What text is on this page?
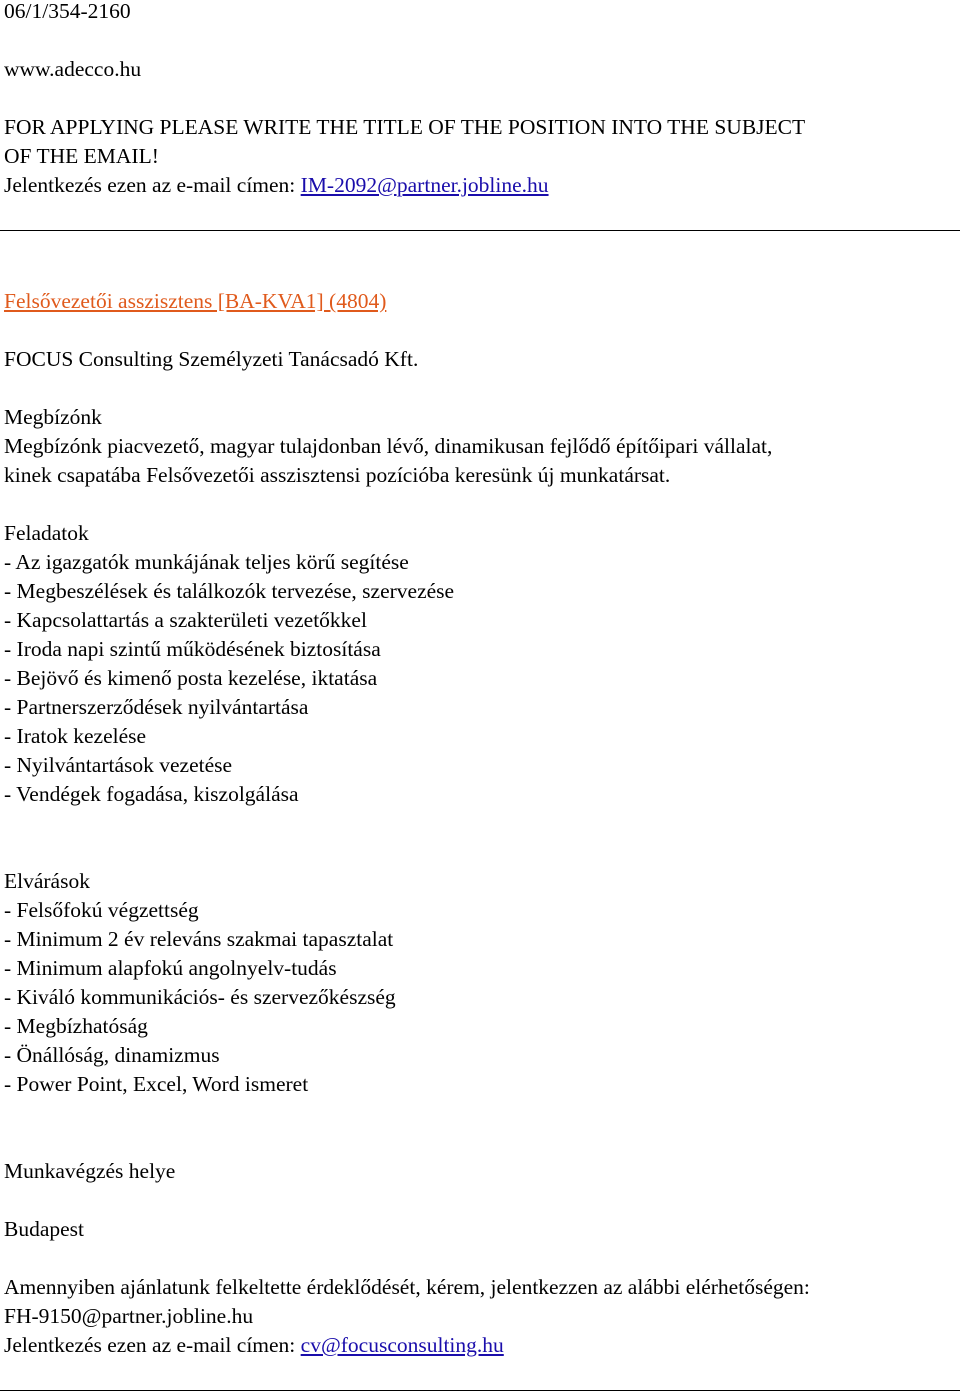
06/1/354-2160
www.adecco.hu
FOR APPLYING PLEASE WRITE THE TITLE OF THE POSITION INTO THE SUBJECT
OF THE EMAIL!
Jelentkezés ezen az e-mail címen: IM-2092@partner.jobline.hu
Felsővezetői asszisztens [BA-KVA1] (4804)
FOCUS Consulting Személyzeti Tanácsadó Kft.
Megbízónk
Megbízónk piacvezető, magyar tulajdonban lévő, dinamikusan fejlődő építőipari vállalat,
kinek csapatába Felsővezetői asszisztensi pozícióba keresünk új munkatársat.
Feladatok
- Az igazgatók munkájának teljes körű segítése
- Megbeszélések és találkozók tervezése, szervezése
- Kapcsolattartás a szakterületi vezetőkkel
- Iroda napi szintű működésének biztosítása
- Bejövő és kimenő posta kezelése, iktatása
- Partnerszerződések nyilvántartása
- Iratok kezelése
- Nyilvántartások vezetése
- Vendégek fogadása, kiszolgálása
Elvárások
- Felsőfokú végzettség
- Minimum 2 év releváns szakmai tapasztalat
- Minimum alapfokú angolnyelv-tudás
- Kiváló kommunikációs- és szervezőkészség
- Megbízhatóság
- Önállóság, dinamizmus
- Power Point, Excel, Word ismeret
Munkavégzés helye
Budapest
Amennyiben ajánlatunk felkeltette érdeklődését, kérem, jelentkezzen az alábbi elérhetőségen:
FH-9150@partner.jobline.hu
Jelentkezés ezen az e-mail címen: cv@focusconsulting.hu
